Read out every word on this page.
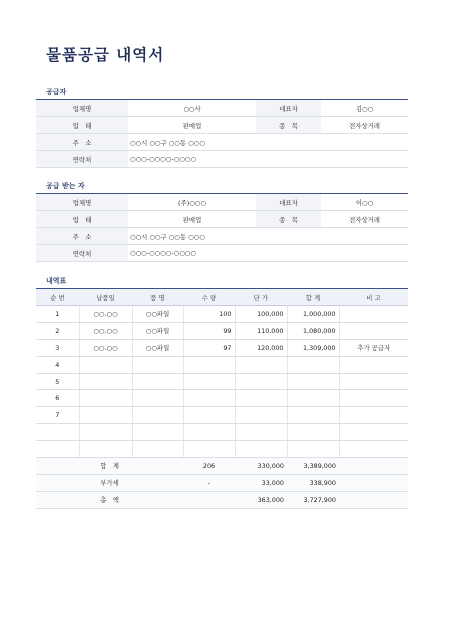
물품공급 내역서
공급자
업체명	○○사	대표자	김○○
업　태	판매업	종　목	전자상거래
주　소	○○시 ○○구 ○○동 ○○○		
연락처	○○○-○○○○-○○○○		
공급 받는 자
업체명	(주)○○○	대표자	이○○
업　태	판매업	종　목	전자상거래
주　소	○○시 ○○구 ○○동 ○○○		
연락처	○○○-○○○○-○○○○		
내역표
순 번	납품일	품 명	수 량	단 가	합 계	비 고
1	○○.○○	○○파일	100	100,000	1,000,000	
2	○○.○○	○○파일	99	110,000	1,080,000	
3	○○.○○	○○파일	97	120,000	1,309,000	추가 공급자
4						
5						
6						
7						

합　계			206	330,000	3,389,000	
부가세			-	33,000	338,900	
총　액				363,000	3,727,900	
